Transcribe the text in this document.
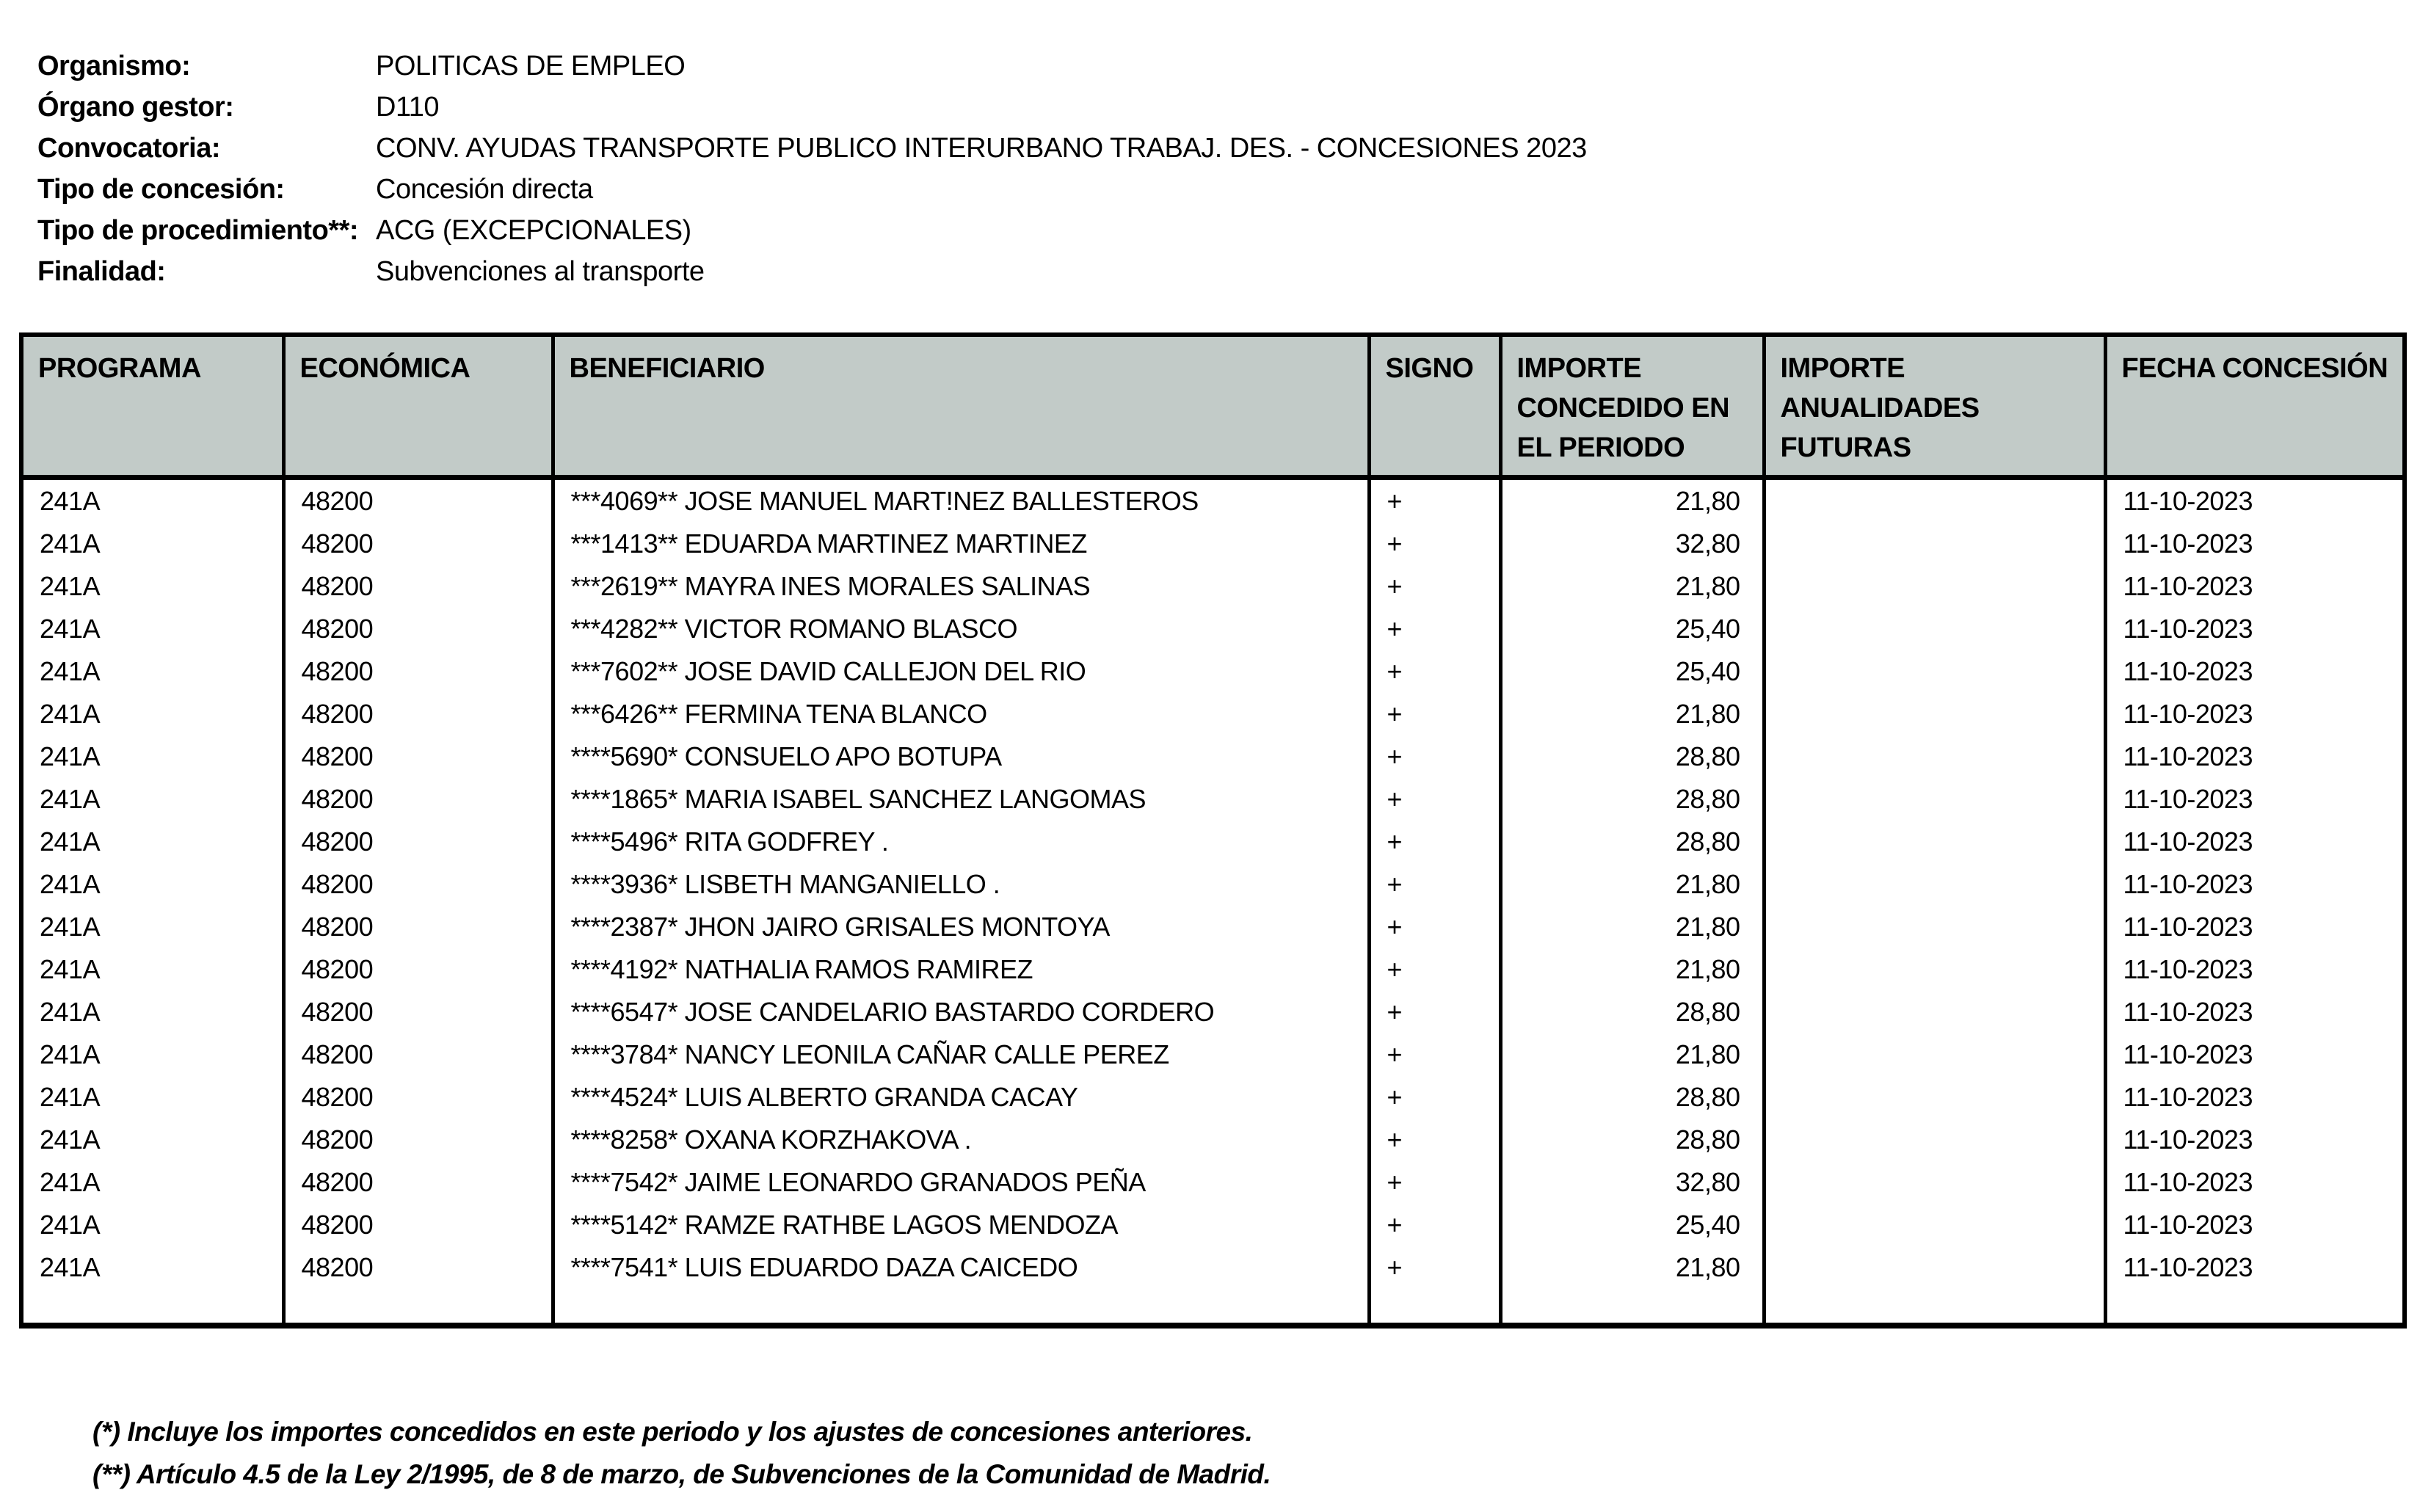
Organismo:	POLITICAS DE EMPLEO
Órgano gestor:	D110
Convocatoria:	CONV. AYUDAS TRANSPORTE PUBLICO INTERURBANO TRABAJ. DES. - CONCESIONES 2023
Tipo de concesión:	Concesión directa
Tipo de procedimiento**: ACG (EXCEPCIONALES)
Finalidad:	Subvenciones al transporte
PROGRAMA	ECONÓMICA	BENEFICIARIO	SIGNO	IMPORTE CONCEDIDO EN EL PERIODO	IMPORTE ANUALIDADES FUTURAS	FECHA CONCESIÓN
241A	48200	***4069** JOSE MANUEL MART!NEZ BALLESTEROS	+	21,80		11-10-2023
241A	48200	***1413** EDUARDA MARTINEZ MARTINEZ	+	32,80		11-10-2023
241A	48200	***2619** MAYRA INES MORALES SALINAS	+	21,80		11-10-2023
241A	48200	***4282** VICTOR ROMANO BLASCO	+	25,40		11-10-2023
241A	48200	***7602** JOSE DAVID CALLEJON DEL RIO	+	25,40		11-10-2023
241A	48200	***6426** FERMINA TENA BLANCO	+	21,80		11-10-2023
241A	48200	****5690* CONSUELO APO BOTUPA	+	28,80		11-10-2023
241A	48200	****1865* MARIA ISABEL SANCHEZ LANGOMAS	+	28,80		11-10-2023
241A	48200	****5496* RITA GODFREY .	+	28,80		11-10-2023
241A	48200	****3936* LISBETH MANGANIELLO .	+	21,80		11-10-2023
241A	48200	****2387* JHON JAIRO GRISALES MONTOYA	+	21,80		11-10-2023
241A	48200	****4192* NATHALIA RAMOS RAMIREZ	+	21,80		11-10-2023
241A	48200	****6547* JOSE CANDELARIO BASTARDO CORDERO	+	28,80		11-10-2023
241A	48200	****3784* NANCY LEONILA CAÑAR CALLE PEREZ	+	21,80		11-10-2023
241A	48200	****4524* LUIS ALBERTO GRANDA CACAY	+	28,80		11-10-2023
241A	48200	****8258* OXANA KORZHAKOVA .	+	28,80		11-10-2023
241A	48200	****7542* JAIME LEONARDO GRANADOS PEÑA	+	32,80		11-10-2023
241A	48200	****5142* RAMZE RATHBE LAGOS MENDOZA	+	25,40		11-10-2023
241A	48200	****7541* LUIS EDUARDO DAZA CAICEDO	+	21,80		11-10-2023

(*) Incluye los importes concedidos en este periodo y los ajustes de concesiones anteriores.
(**) Artículo 4.5 de la Ley 2/1995, de 8 de marzo, de Subvenciones de la Comunidad de Madrid.
